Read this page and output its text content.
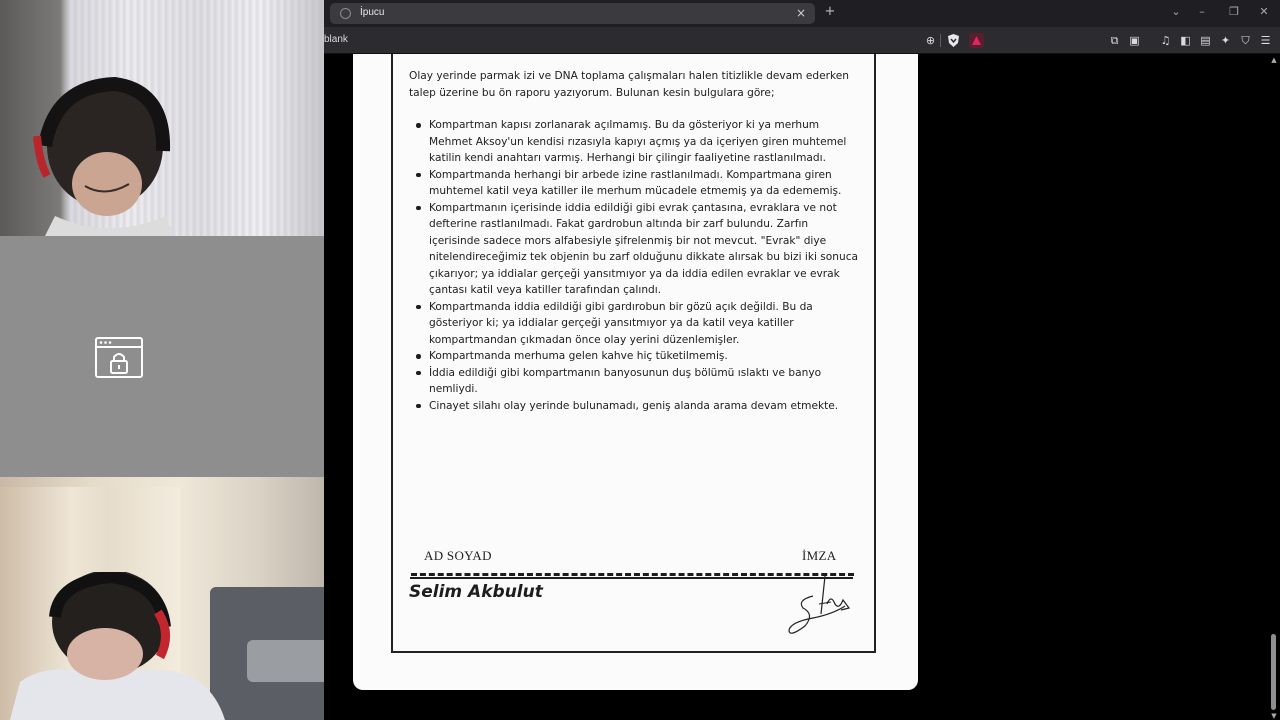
İpucu	× +	⌄	–	❐	✕
blank	⊕	⧉ ▣ ♫ ◧ ▤ ✦	⛉ ☰

Olay yerinde parmak izi ve DNA toplama çalışmaları halen titizlikle devam ederken talep üzerine bu ön raporu yazıyorum. Bulunan kesin bulgulara göre;

Kompartman kapısı zorlanarak açılmamış. Bu da gösteriyor ki ya merhum Mehmet Aksoy'un kendisi rızasıyla kapıyı açmış ya da içeriyen giren muhtemel katilin kendi anahtarı varmış. Herhangi bir çilingir faaliyetine rastlanılmadı.
Kompartmanda herhangi bir arbede izine rastlanılmadı. Kompartmana giren muhtemel katil veya katiller ile merhum mücadele etmemiş ya da edememiş.
Kompartmanın içerisinde iddia edildiği gibi evrak çantasına, evraklara ve not defterine rastlanılmadı. Fakat gardrobun altında bir zarf bulundu. Zarfın içerisinde sadece mors alfabesiyle şifrelenmiş bir not mevcut. "Evrak" diye nitelendireceğimiz tek objenin bu zarf olduğunu dikkate alırsak bu bizi iki sonuca çıkarıyor; ya iddialar gerçeği yansıtmıyor ya da iddia edilen evraklar ve evrak çantası katil veya katiller tarafından çalındı.
Kompartmanda iddia edildiği gibi gardırobun bir gözü açık değildi. Bu da gösteriyor ki; ya iddialar gerçeği yansıtmıyor ya da katil veya katiller kompartmandan çıkmadan önce olay yerini düzenlemişler.
Kompartmanda merhuma gelen kahve hiç tüketilmemiş.
İddia edildiği gibi kompartmanın banyosunun duş bölümü ıslaktı ve banyo nemliydi.
Cinayet silahı olay yerinde bulunamadı, geniş alanda arama devam etmekte.
AD SOYAD	İMZA
Selim Akbulut
▲
▼
